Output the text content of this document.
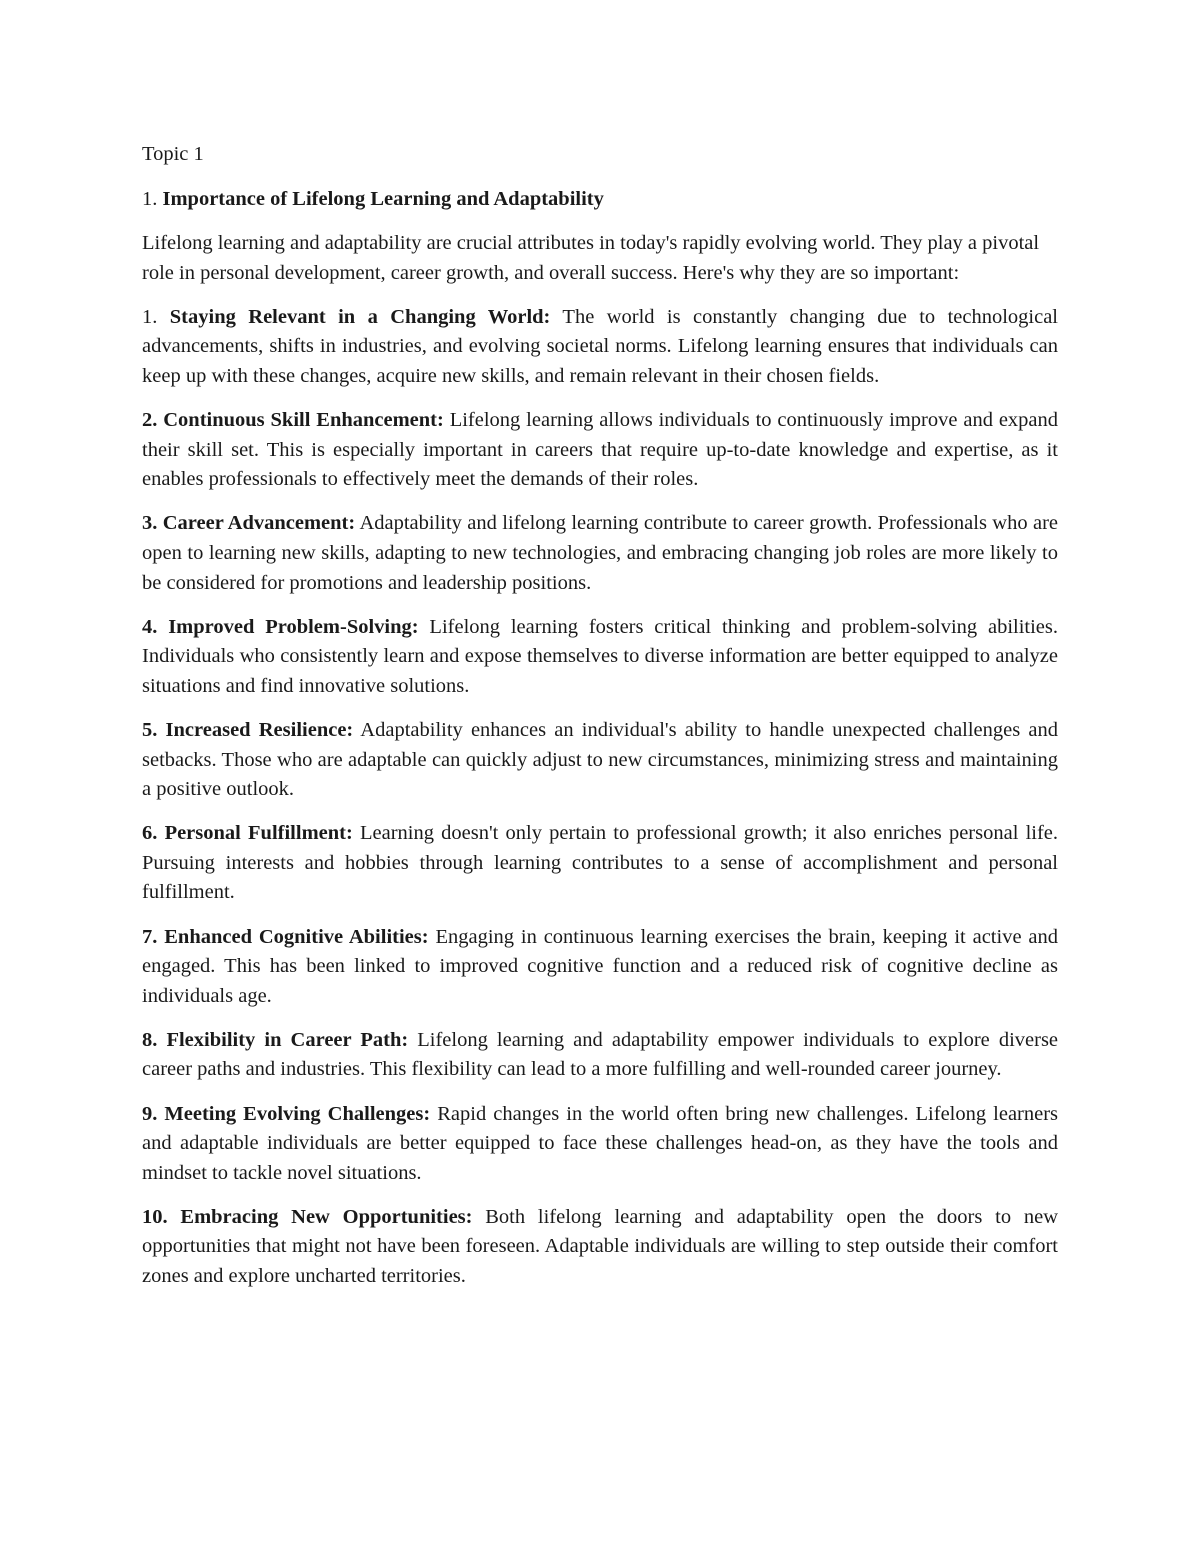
Topic 1

1. Importance of Lifelong Learning and Adaptability

Lifelong learning and adaptability are crucial attributes in today's rapidly evolving world. They play a pivotal role in personal development, career growth, and overall success. Here's why they are so important:

1. Staying Relevant in a Changing World: The world is constantly changing due to technological advancements, shifts in industries, and evolving societal norms. Lifelong learning ensures that individuals can keep up with these changes, acquire new skills, and remain relevant in their chosen fields.

2. Continuous Skill Enhancement: Lifelong learning allows individuals to continuously improve and expand their skill set. This is especially important in careers that require up-to-date knowledge and expertise, as it enables professionals to effectively meet the demands of their roles.

3. Career Advancement: Adaptability and lifelong learning contribute to career growth. Professionals who are open to learning new skills, adapting to new technologies, and embracing changing job roles are more likely to be considered for promotions and leadership positions.

4. Improved Problem-Solving: Lifelong learning fosters critical thinking and problem-solving abilities. Individuals who consistently learn and expose themselves to diverse information are better equipped to analyze situations and find innovative solutions.

5. Increased Resilience: Adaptability enhances an individual's ability to handle unexpected challenges and setbacks. Those who are adaptable can quickly adjust to new circumstances, minimizing stress and maintaining a positive outlook.

6. Personal Fulfillment: Learning doesn't only pertain to professional growth; it also enriches personal life. Pursuing interests and hobbies through learning contributes to a sense of accomplishment and personal fulfillment.

7. Enhanced Cognitive Abilities: Engaging in continuous learning exercises the brain, keeping it active and engaged. This has been linked to improved cognitive function and a reduced risk of cognitive decline as individuals age.

8. Flexibility in Career Path: Lifelong learning and adaptability empower individuals to explore diverse career paths and industries. This flexibility can lead to a more fulfilling and well-rounded career journey.

9. Meeting Evolving Challenges: Rapid changes in the world often bring new challenges. Lifelong learners and adaptable individuals are better equipped to face these challenges head-on, as they have the tools and mindset to tackle novel situations.

10. Embracing New Opportunities: Both lifelong learning and adaptability open the doors to new opportunities that might not have been foreseen. Adaptable individuals are willing to step outside their comfort zones and explore uncharted territories.
